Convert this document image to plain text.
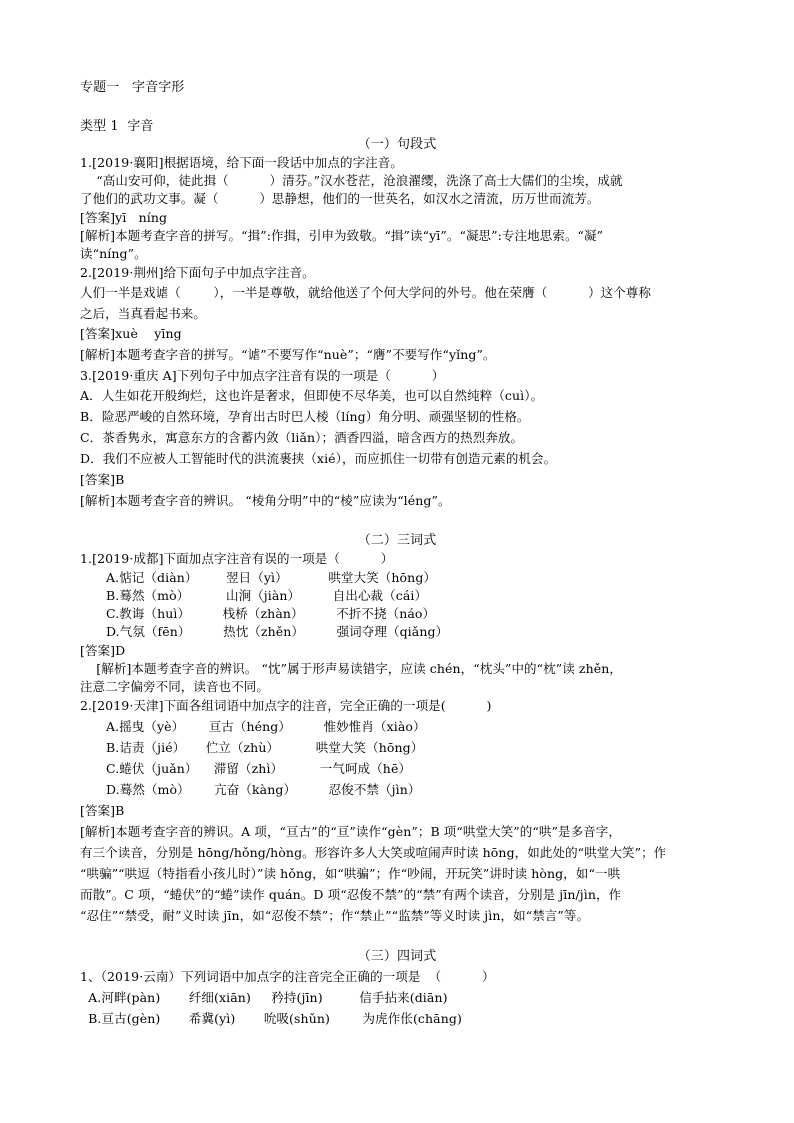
专题一   字音字形
类型 1  字音
（一）句段式
1.[2019·襄阳]根据语境，给下面一段话中加点的字注音。
“高山安可仰，徒此揖（          ）清芬。”汉水苍茫，沧浪濯缨，洗涤了高士大儒们的尘埃，成就
了他们的武功文事。凝（          ）思静想，他们的一世英名，如汉水之清流，历万世而流芳。
[答案]yī   níng
[解析]本题考查字音的拼写。“揖”:作揖，引申为致敬。“揖”读“yī”。“凝思”:专注地思索。“凝”
读“níng”。
2.[2019·荆州]给下面句子中加点字注音。
人们一半是戏谑（        ），一半是尊敬，就给他送了个何大学问的外号。他在荣膺（          ）这个尊称
之后，当真看起书来。
[答案]xuè    yīng
[解析]本题考查字音的拼写。“谑”不要写作“nuè”；“膺”不要写作“yǐng”。
3.[2019·重庆 A]下列句子中加点字注音有误的一项是（          ）
A．人生如花开般绚烂，这也许是奢求，但即使不尽华美，也可以自然纯粹（cuì）。
B．险恶严峻的自然环境，孕育出古时巴人棱（líng）角分明、顽强坚韧的性格。
C．茶香隽永，寓意东方的含蓄内敛（liǎn）；酒香四溢，暗含西方的热烈奔放。
D．我们不应被人工智能时代的洪流裹挟（xié），而应抓住一切带有创造元素的机会。
[答案]B
[解析]本题考查字音的辨识。 “棱角分明”中的“棱”应读为“léng”。
（二）三词式
1.[2019·成都]下面加点字注音有误的一项是（          ）
A.惦记（diàn）       翌日（yì）          哄堂大笑（hōng）
B.蓦然（mò）         山涧（jiàn）        自出心裁（cái）
C.教诲（huì）        栈桥（zhàn）        不折不挠（náo）
D.气氛（fēn）        热忱（zhěn）        强词夺理（qiǎng）
[答案]D
[解析]本题考查字音的辨识。 “忱”属于形声易读错字，应读 chén，“枕头”中的“枕”读 zhěn，
注意二字偏旁不同，读音也不同。
2.[2019·天津]下面各组词语中加点字的注音，完全正确的一项是(          )
A.摇曳（yè）      亘古（héng）        惟妙惟肖（xiào）
B.诘责（jié）     伫立（zhù）         哄堂大笑（hōng）
C.蜷伏（juǎn）    滞留（zhì）         一气呵成（hē）
D.蓦然（mò）      亢奋（kàng）        忍俊不禁（jìn）
[答案]B
[解析]本题考查字音的辨识。A 项，“亘古”的“亘”读作“gèn”；B 项“哄堂大笑”的“哄”是多音字，
有三个读音，分别是 hōng/hǒng/hòng。形容许多人大笑或喧闹声时读 hōng，如此处的“哄堂大笑”；作
“哄骗”“哄逗（特指看小孩儿时）”读 hǒng，如“哄骗”；作“吵闹，开玩笑”讲时读 hòng，如“一哄
而散”。C 项，“蜷伏”的“蜷”读作 quán。D 项“忍俊不禁”的“禁”有两个读音，分别是 jīn/jìn，作
“忍住”“禁受，耐”义时读 jīn，如“忍俊不禁”；作“禁止”“监禁”等义时读 jìn，如“禁言”等。
（三）四词式
1、（2019·云南）下列词语中加点字的注音完全正确的一项是  （          ）
A.河畔(pàn)       纤细(xiān)     矜持(jīn)         信手拈来(diān)
B.亘古(gèn)       希冀(yì)       吮吸(shǔn)        为虎作伥(chāng)
